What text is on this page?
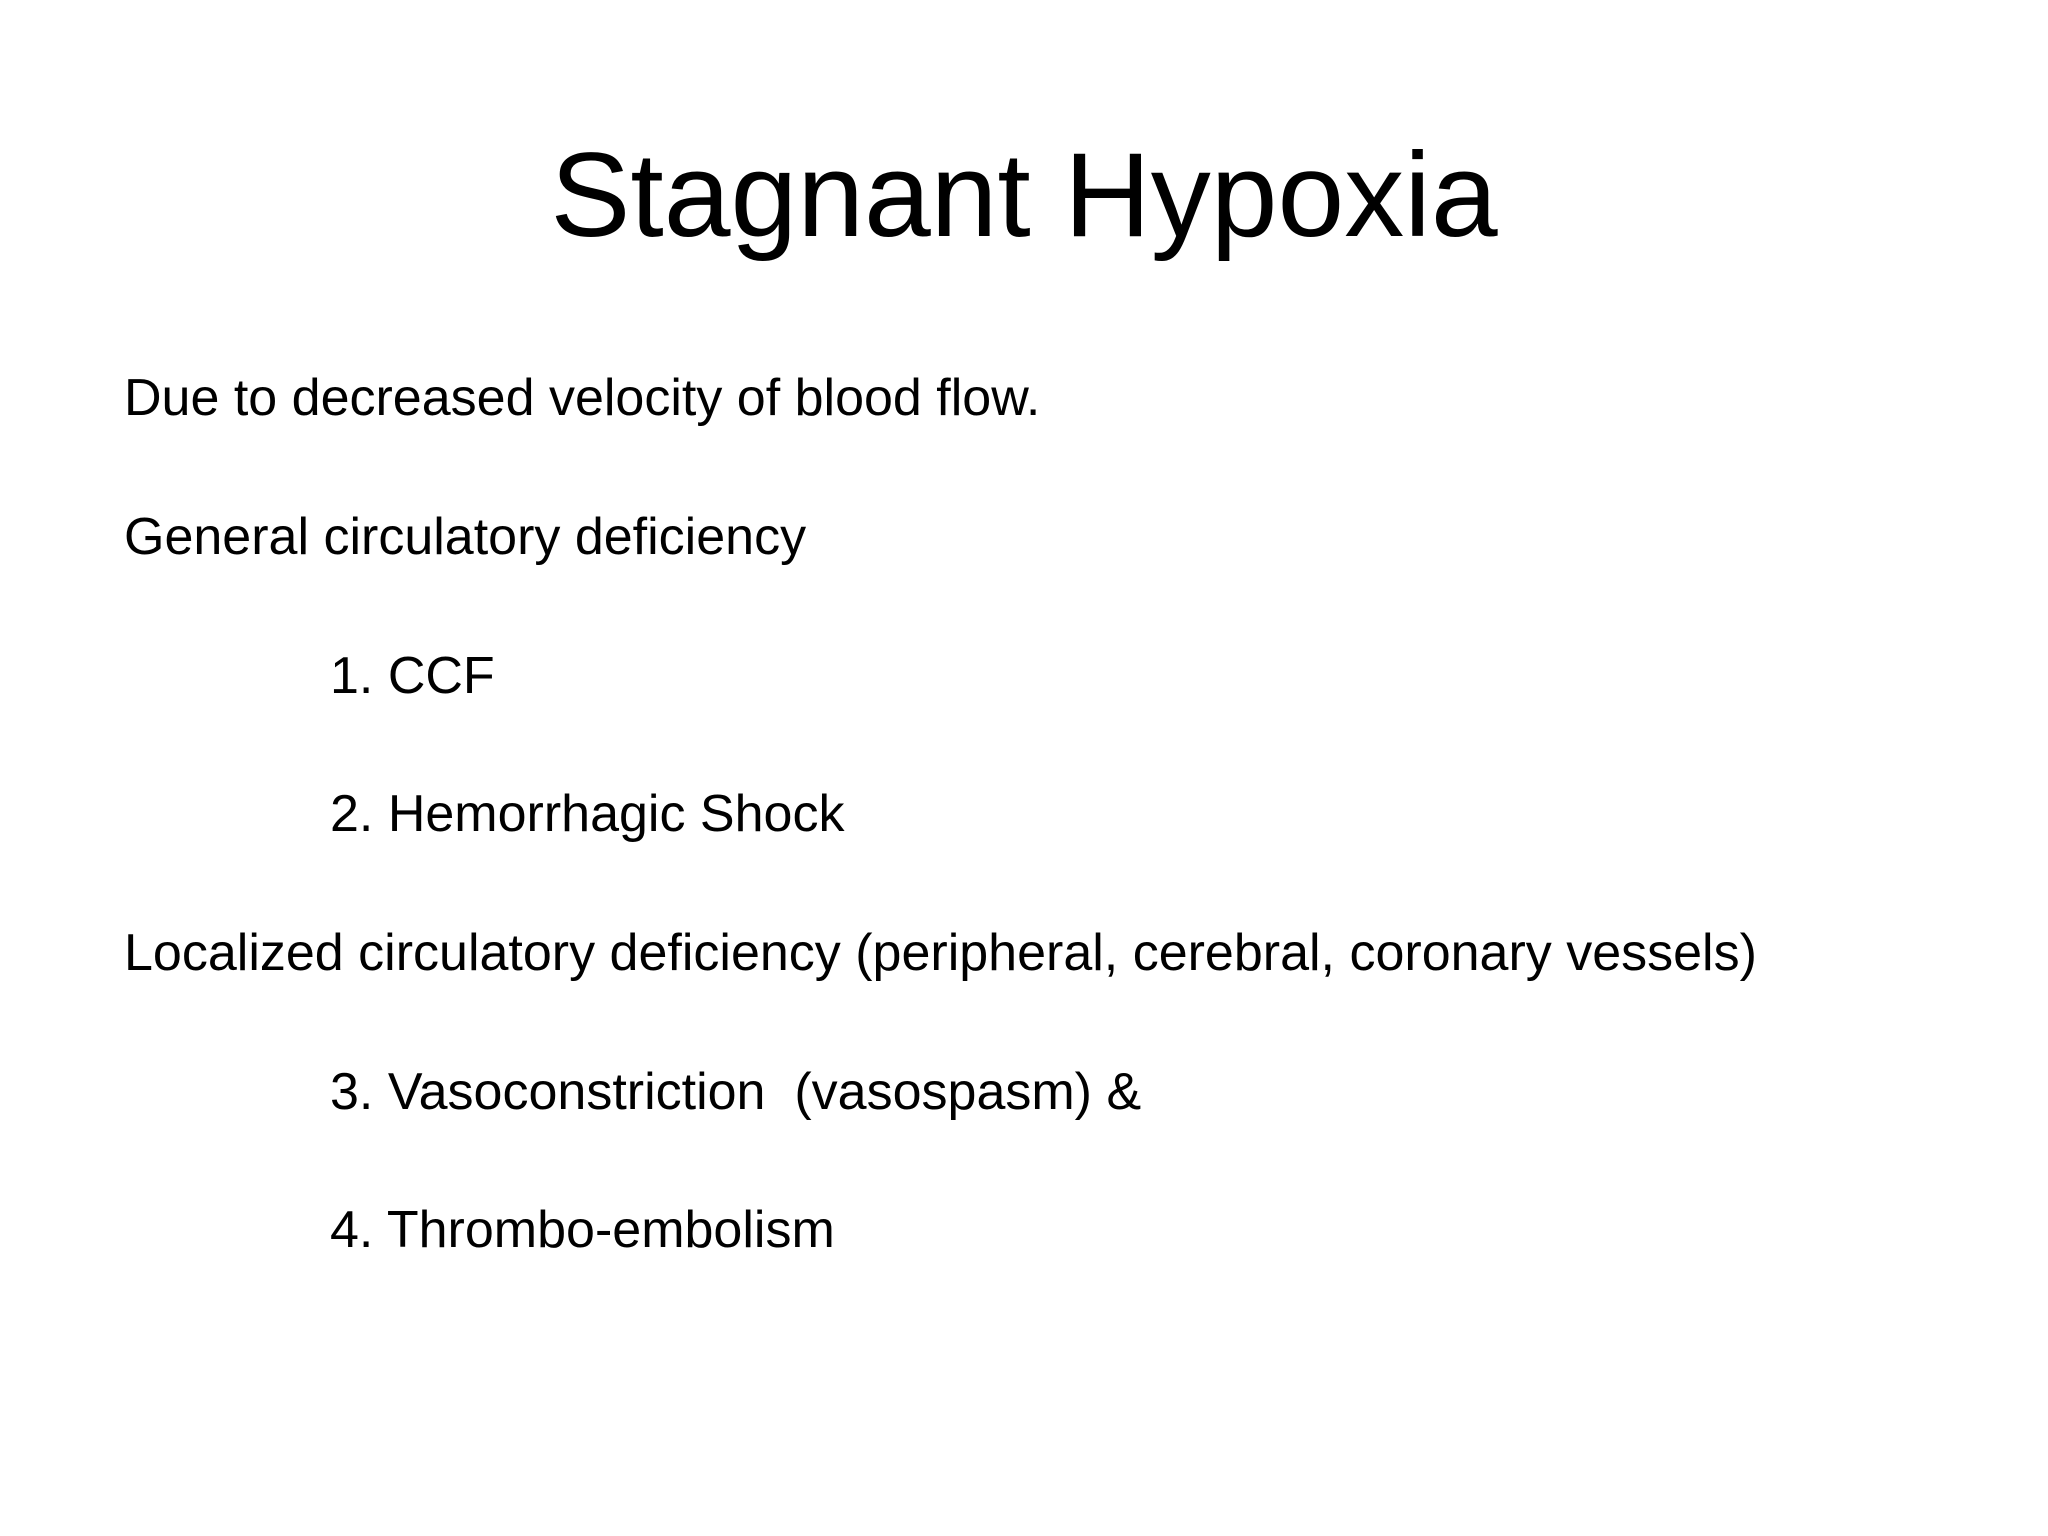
Stagnant Hypoxia
Due to decreased velocity of blood flow.
General circulatory deficiency
1. CCF
2. Hemorrhagic Shock
Localized circulatory deficiency (peripheral, cerebral, coronary vessels)
3. Vasoconstriction  (vasospasm) &
4. Thrombo-embolism
